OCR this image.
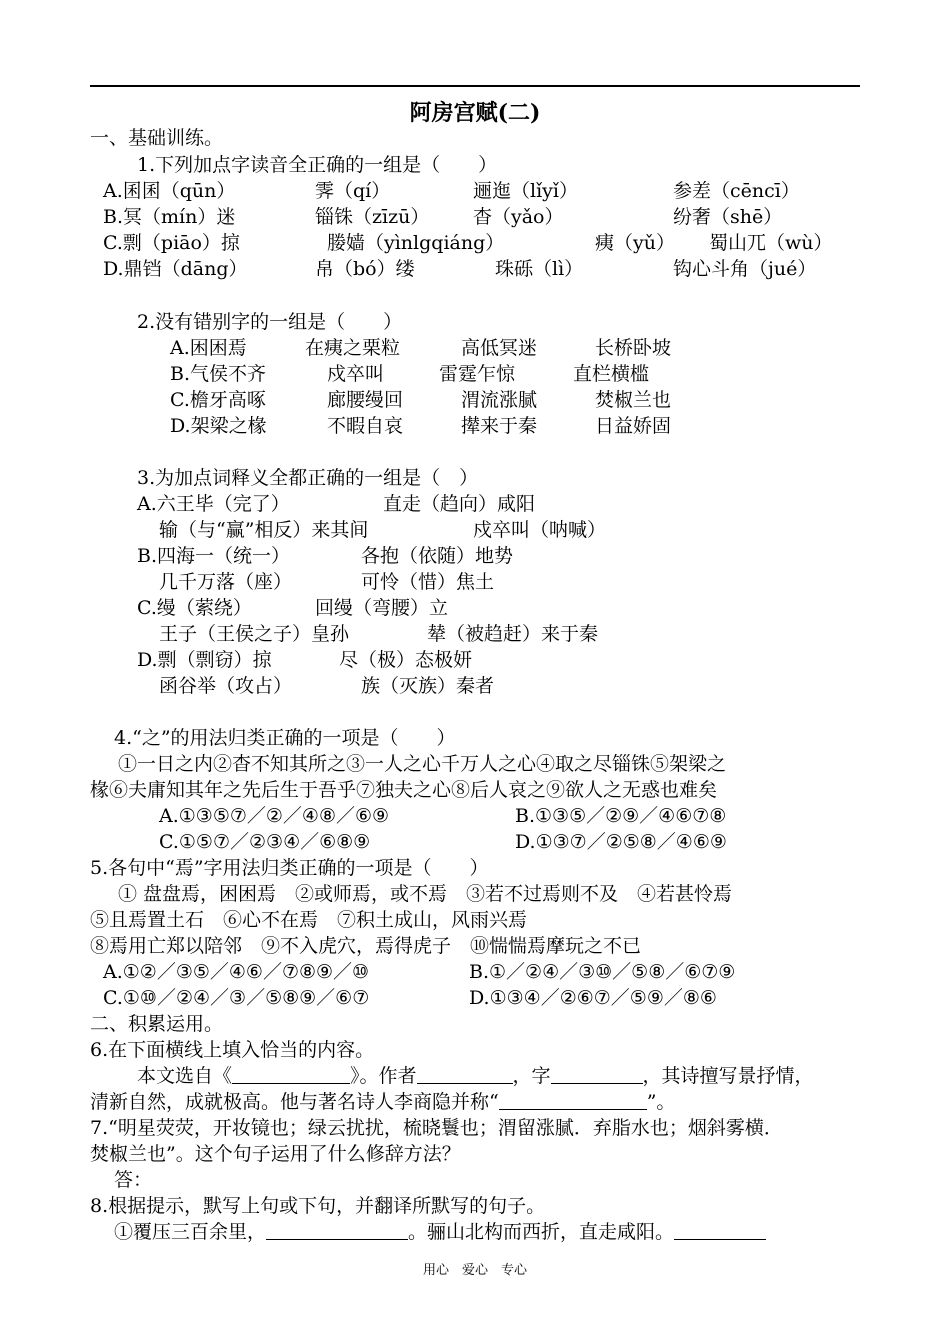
阿房宫赋(二)
一、基础训练。
1.下列加点字读音全正确的一组是（　　）
A.囷囷（qūn）	霁（qí）	逦迤（lǐyǐ）	参差（cēncī）
B.冥（mín）迷	锱铢（zīzū） 杳（yǎo）	纷奢（shē）
C.剽（piāo）掠	媵嫱（yìnlgqiáng）	痍（yǔ） 蜀山兀（wù）
D.鼎铛（dāng）	帛（bó）缕	珠砾（lì）	钩心斗角（jué）
2.没有错别字的一组是（　　）
A.困困焉	在痍之栗粒	高低冥迷	长桥卧坡
B.气侯不齐	戍卒叫	雷霆乍惊	直栏横槛
C.檐牙高啄	廊腰缦回	渭流涨腻	焚椒兰也
D.架梁之椽	不暇自哀	撵来于秦	日益娇固
3.为加点词释义全都正确的一组是（　）
A.六王毕（完了）	直走（趋向）咸阳
输（与“赢”相反）来其间	戍卒叫（呐喊）
B.四海一（统一）	各抱（依随）地势
几千万落（座）	可怜（惜）焦土
C.缦（萦绕）	回缦（弯腰）立
王子（王侯之子）皇孙	辇（被趋赶）来于秦
D.剽（剽窃）掠	尽（极）态极妍
函谷举（攻占）	族（灭族）秦者
4.“之”的用法归类正确的一项是（　　）
①一日之内②杳不知其所之③一人之心千万人之心④取之尽锱铢⑤架梁之
椽⑥夫庸知其年之先后生于吾乎⑦独夫之心⑧后人哀之⑨欲人之无惑也难矣
A.①③⑤⑦／②／④⑧／⑥⑨	B.①③⑤／②⑨／④⑥⑦⑧
C.①⑤⑦／②③④／⑥⑧⑨	D.①③⑦／②⑤⑧／④⑥⑨
5.各句中“焉”字用法归类正确的一项是（　　）
① 盘盘焉，困困焉　②或师焉，或不焉　③若不过焉则不及　④若甚怜焉
⑤且焉置土石　⑥心不在焉　⑦积土成山，风雨兴焉
⑧焉用亡郑以陪邻　⑨不入虎穴，焉得虎子　⑩惴惴焉摩玩之不已
A.①②／③⑤／④⑥／⑦⑧⑨／⑩	B.①／②④／③⑩／⑤⑧／⑥⑦⑨
C.①⑩／②④／③／⑤⑧⑨／⑥⑦	D.①③④／②⑥⑦／⑤⑨／⑧⑥
二、积累运用。
6.在下面横线上填入恰当的内容。
本文选自《	》。作者	，字	，其诗擅写景抒情，
清新自然，成就极高。他与著名诗人李商隐并称“	”。
7.“明星荧荧，开妆镜也；绿云扰扰，梳晓鬟也；渭留涨腻．弃脂水也；烟斜雾横．
焚椒兰也”。这个句子运用了什么修辞方法？
答：
8.根据提示，默写上句或下句，并翻译所默写的句子。
①覆压三百余里，	。骊山北构而西折，直走咸阳。
用心　爱心　专心
